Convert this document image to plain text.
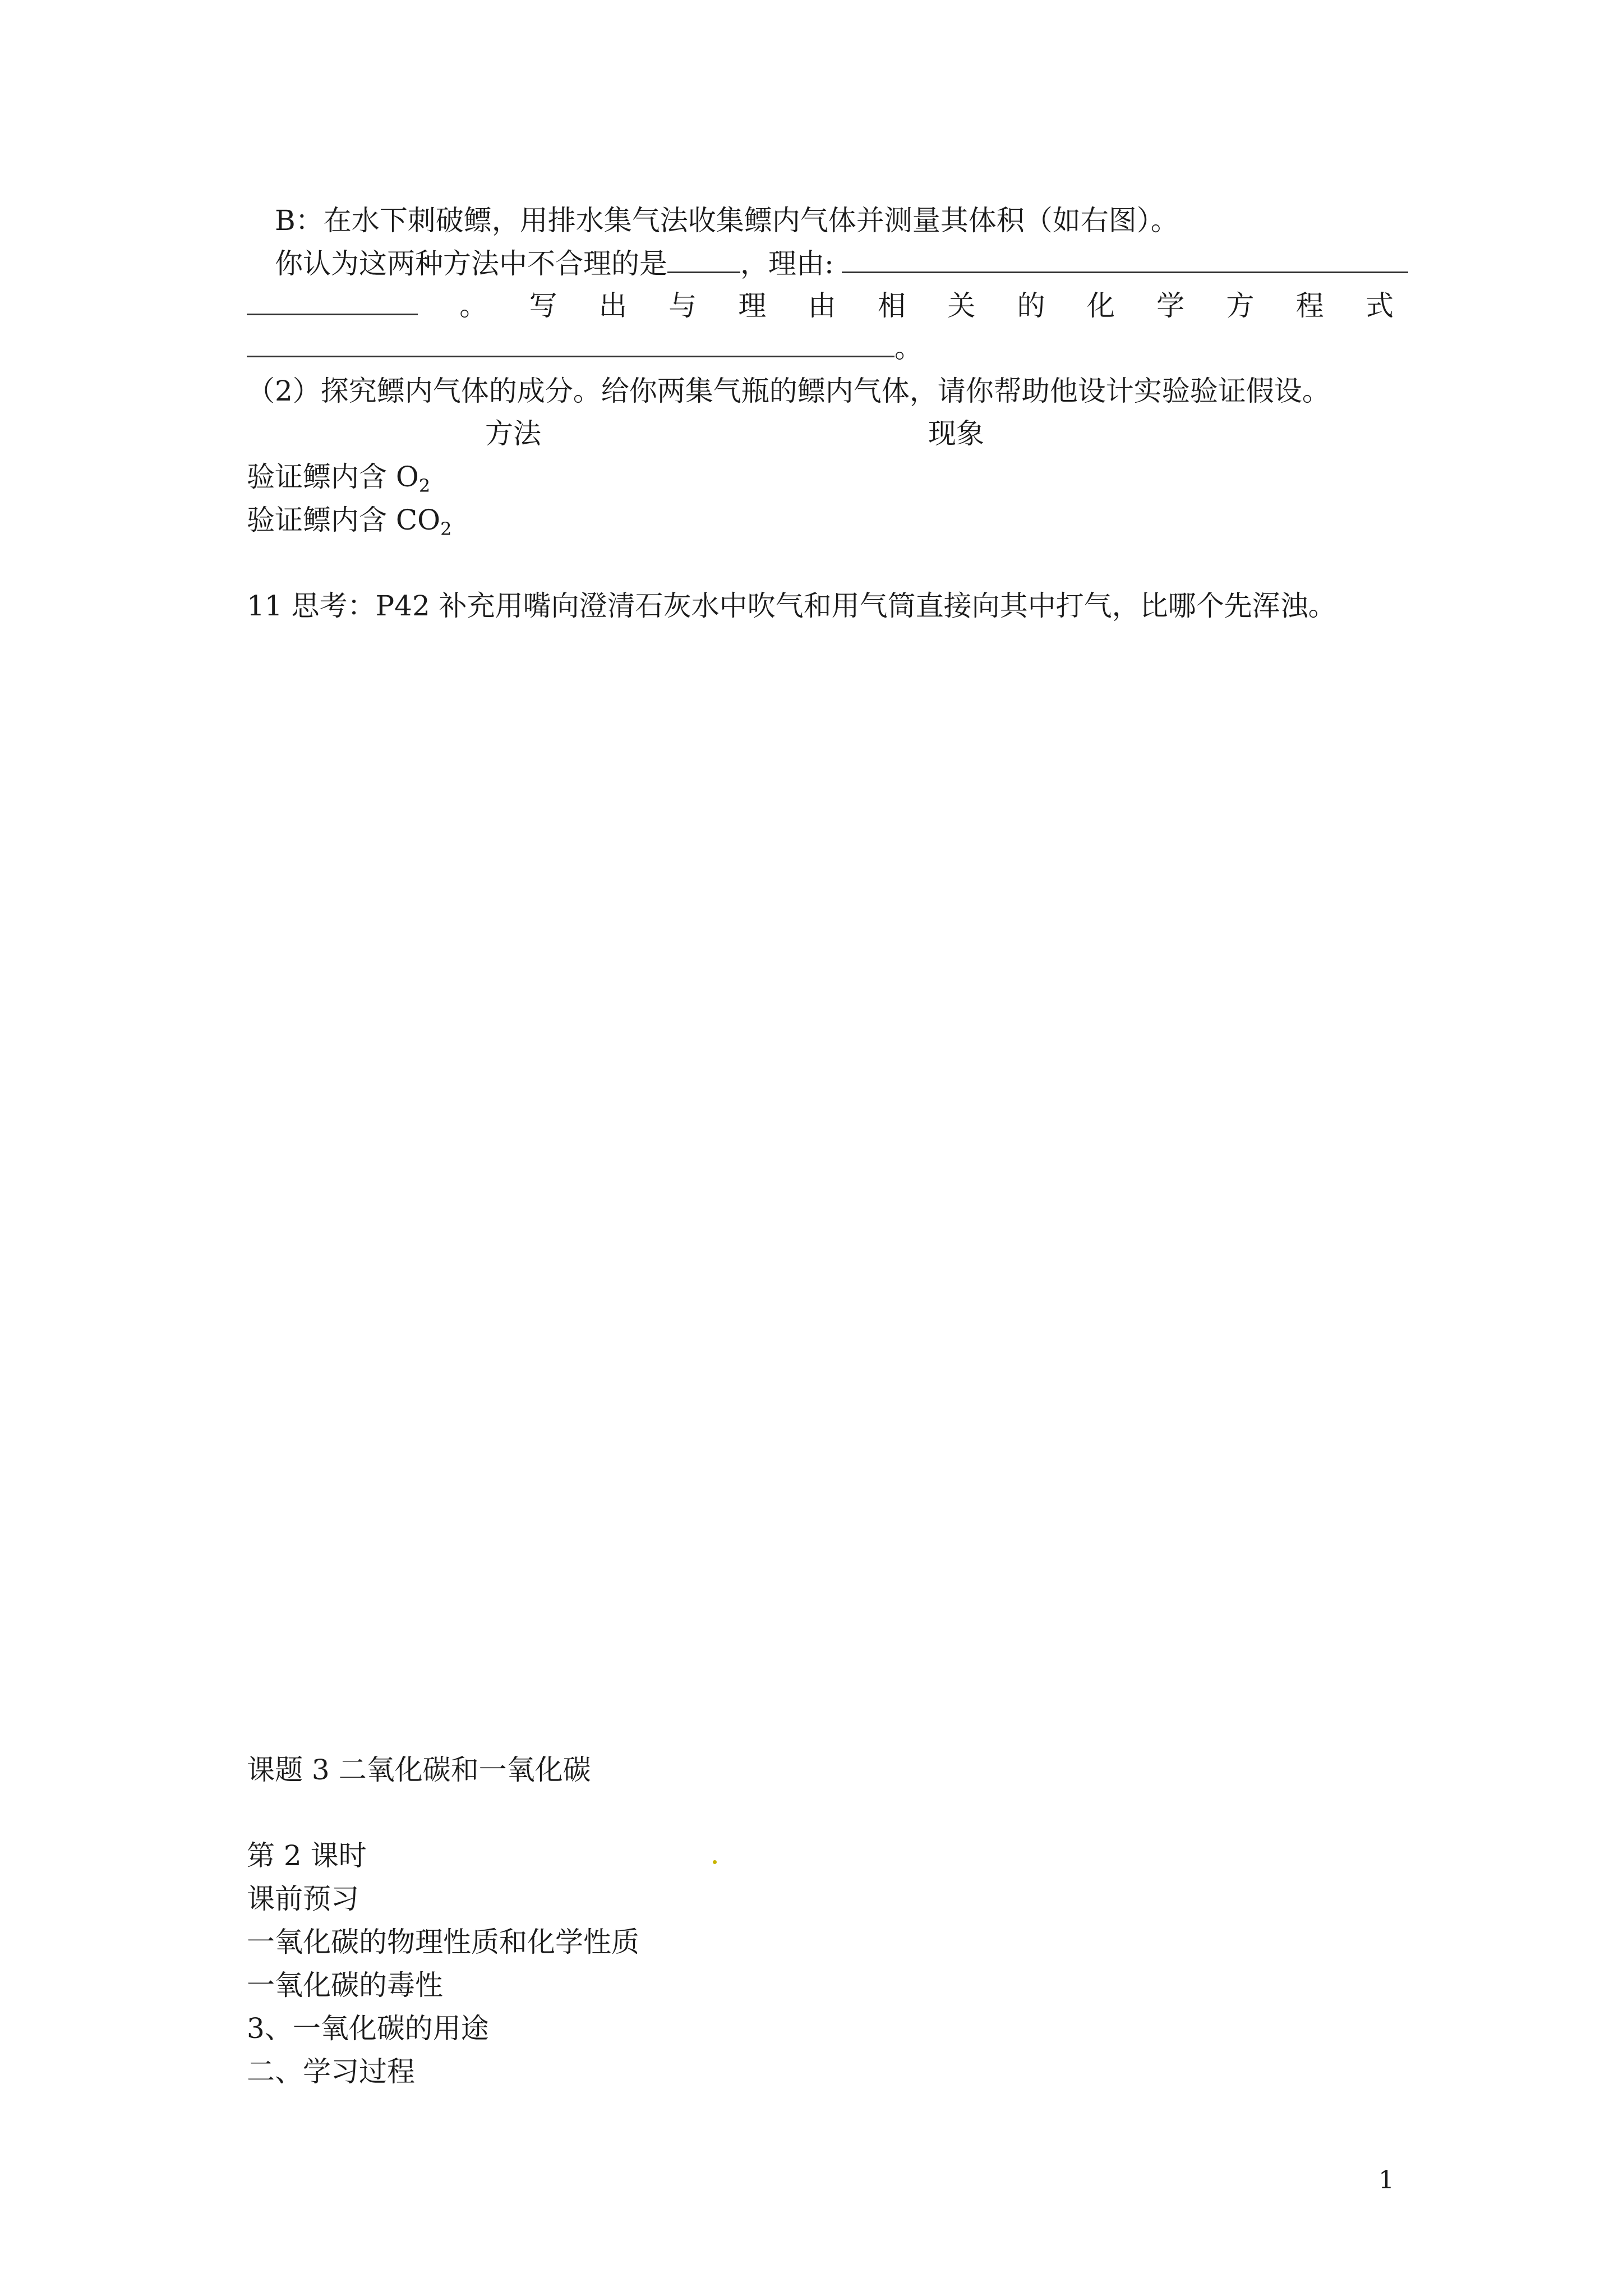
B：在水下刺破鳔，用排水集气法收集鳔内气体并测量其体积（如右图）。
你认为这两种方法中不合理的是	，理由:
。 写 出 与 理 由 相 关 的 化 学 方 程 式
。
（2）探究鳔内气体的成分。给你两集气瓶的鳔内气体，请你帮助他设计实验验证假设。
方法	现象
验证鳔内含 $O_2$
验证鳔内含 $CO_2$
11 思考：P42 补充用嘴向澄清石灰水中吹气和用气筒直接向其中打气，比哪个先浑浊。
课题 3 二氧化碳和一氧化碳
第 2 课时
课前预习
一氧化碳的物理性质和化学性质
一氧化碳的毒性
3、一氧化碳的用途
二、学习过程
1
